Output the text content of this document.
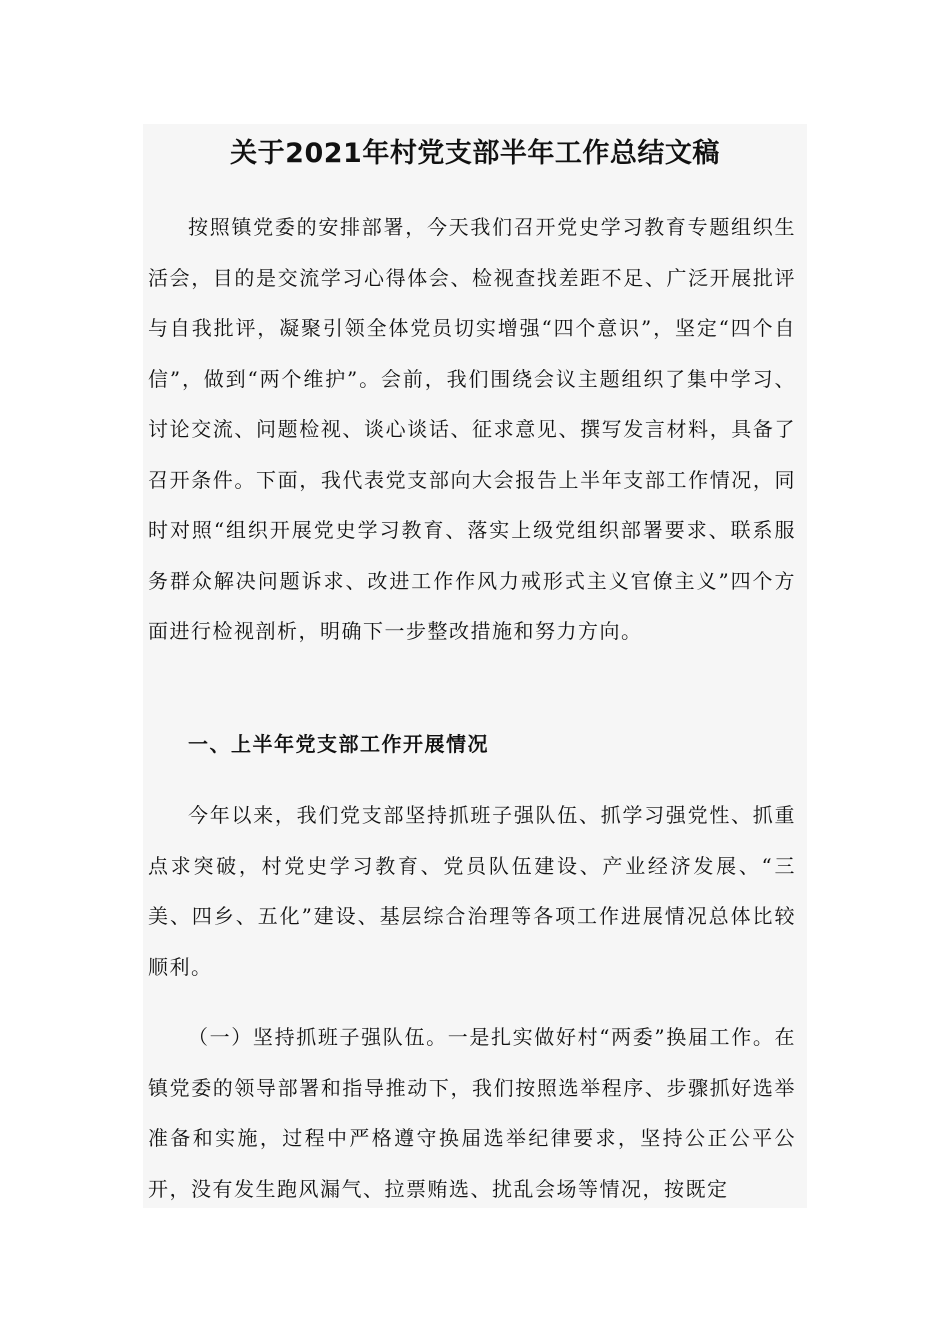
关于2021年村党支部半年工作总结文稿

按照镇党委的安排部署，今天我们召开党史学习教育专题组织生活会，目的是交流学习心得体会、检视查找差距不足、广泛开展批评与自我批评，凝聚引领全体党员切实增强“四个意识”，坚定“四个自信”，做到“两个维护”。会前，我们围绕会议主题组织了集中学习、讨论交流、问题检视、谈心谈话、征求意见、撰写发言材料，具备了召开条件。下面，我代表党支部向大会报告上半年支部工作情况，同时对照“组织开展党史学习教育、落实上级党组织部署要求、联系服务群众解决问题诉求、改进工作作风力戒形式主义官僚主义”四个方面进行检视剖析，明确下一步整改措施和努力方向。

一、上半年党支部工作开展情况

今年以来，我们党支部坚持抓班子强队伍、抓学习强党性、抓重点求突破，村党史学习教育、党员队伍建设、产业经济发展、“三美、四乡、五化”建设、基层综合治理等各项工作进展情况总体比较顺利。

（一）坚持抓班子强队伍。一是扎实做好村“两委”换届工作。在镇党委的领导部署和指导推动下，我们按照选举程序、步骤抓好选举准备和实施，过程中严格遵守换届选举纪律要求，坚持公正公平公开，没有发生跑风漏气、拉票贿选、扰乱会场等情况，按既定
